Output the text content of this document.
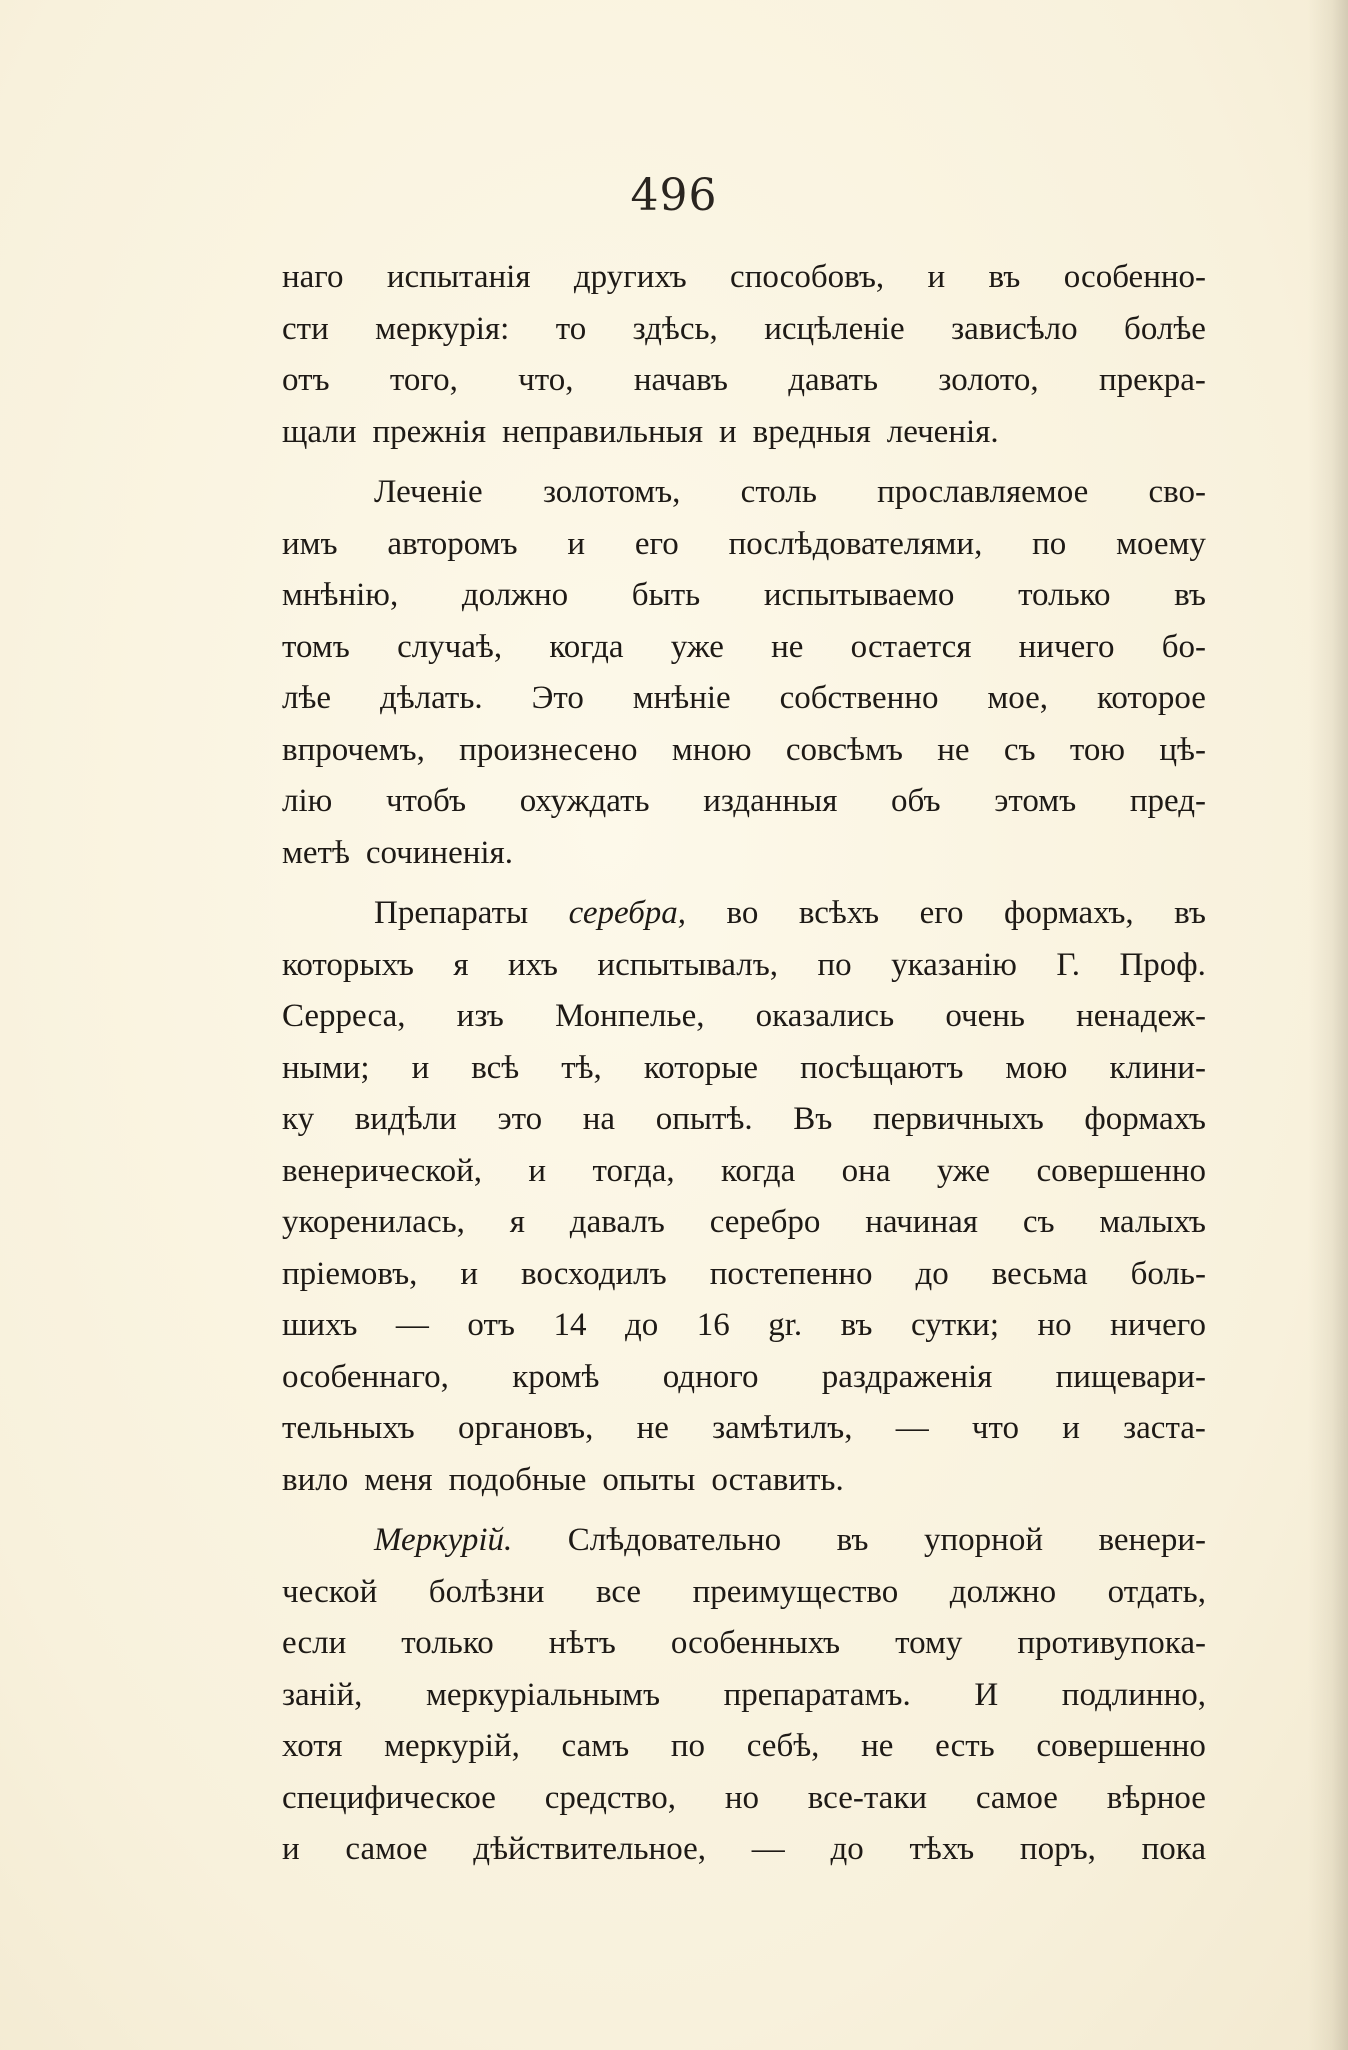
496
наго испытанія другихъ способовъ, и въ особенно-
сти меркурія: то здѣсь, исцѣленіе зависѣло болѣе
отъ того, что, начавъ давать золото, прекра-
щали прежнія неправильныя и вредныя леченія.
Леченіе золотомъ, столь прославляемое сво-
имъ авторомъ и его послѣдователями, по моему
мнѣнію, должно быть испытываемо только въ
томъ случаѣ, когда уже не остается ничего бо-
лѣе дѣлать. Это мнѣніе собственно мое, которое
впрочемъ, произнесено мною совсѣмъ не съ тою цѣ-
лію чтобъ охуждать изданныя объ этомъ пред-
метѣ сочиненія.
Препараты серебра, во всѣхъ его формахъ, въ
которыхъ я ихъ испытывалъ, по указанію Г. Проф.
Серреса, изъ Монпелье, оказались очень ненадеж-
ными; и всѣ тѣ, которые посѣщаютъ мою клини-
ку видѣли это на опытѣ. Въ первичныхъ формахъ
венерической, и тогда, когда она уже совершенно
укоренилась, я давалъ серебро начиная съ малыхъ
пріемовъ, и восходилъ постепенно до весьма боль-
шихъ — отъ 14 до 16 gr. въ сутки; но ничего
особеннаго, кромѣ одного раздраженія пищевари-
тельныхъ органовъ, не замѣтилъ, — что и заста-
вило меня подобные опыты оставить.
Меркурій. Слѣдовательно въ упорной венери-
ческой болѣзни все преимущество должно отдать,
если только нѣтъ особенныхъ тому противупока-
заній, меркуріальнымъ препаратамъ. И подлинно,
хотя меркурій, самъ по себѣ, не есть совершенно
специфическое средство, но все-таки самое вѣрное
и самое дѣйствительное, — до тѣхъ поръ, пока
